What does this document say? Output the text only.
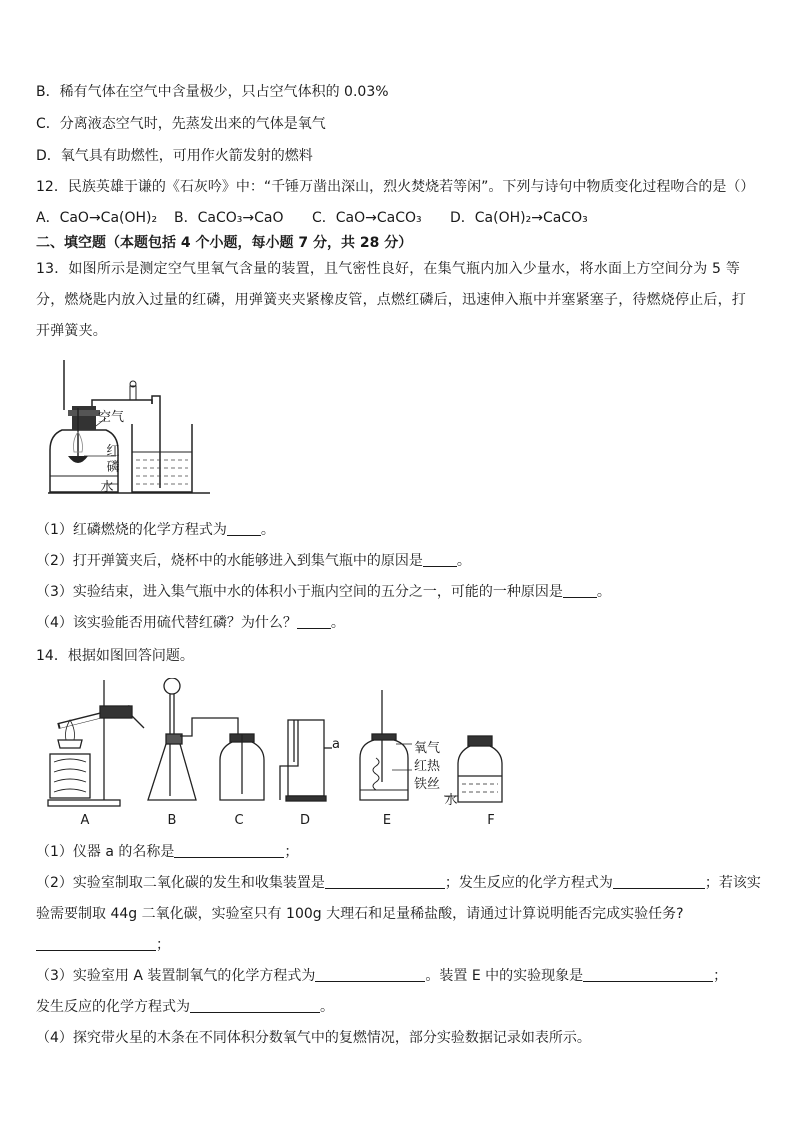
B．稀有气体在空气中含量极少，只占空气体积的 0.03%
C．分离液态空气时，先蒸发出来的气体是氧气
D．氧气具有助燃性，可用作火箭发射的燃料
12．民族英雄于谦的《石灰吟》中：“千锤万凿出深山，烈火焚烧若等闲”。下列与诗句中物质变化过程吻合的是（）
A．CaO→Ca(OH)₂ B．CaCO₃→CaO C．CaO→CaCO₃ D．Ca(OH)₂→CaCO₃
二、填空题（本题包括 4 个小题，每小题 7 分，共 28 分）
13．如图所示是测定空气里氧气含量的装置，且气密性良好，在集气瓶内加入少量水，将水面上方空间分为 5 等分，燃烧匙内放入过量的红磷，用弹簧夹夹紧橡皮管，点燃红磷后，迅速伸入瓶中并塞紧塞子，待燃烧停止后，打开弹簧夹。
空气
红
磷
水
（1）红磷燃烧的化学方程式为 。
（2）打开弹簧夹后，烧杯中的水能够进入到集气瓶中的原因是 。
（3）实验结束，进入集气瓶中水的体积小于瓶内空间的五分之一，可能的一种原因是 。
（4）该实验能否用硫代替红磷？为什么？ 。
14．根据如图回答问题。
a	氧气
红热
铁丝
水
A	B	C	D	E	F
（1）仪器 a 的名称是	；
（2）实验室制取二氧化碳的发生和收集装置是	；发生反应的化学方程式为	；若该实
验需要制取 44g 二氧化碳，实验室只有 100g 大理石和足量稀盐酸，请通过计算说明能否完成实验任务?
；
（3）实验室用 A 装置制氧气的化学方程式为	。装置 E 中的实验现象是	；
发生反应的化学方程式为	。
（4）探究带火星的木条在不同体积分数氧气中的复燃情况，部分实验数据记录如表所示。
